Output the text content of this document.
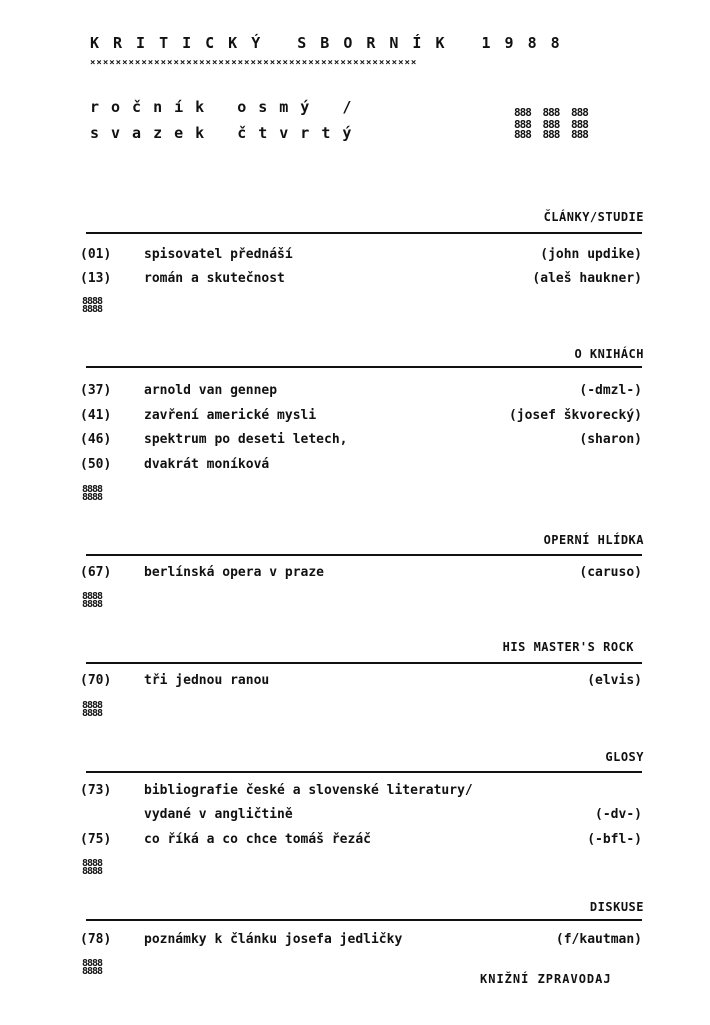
KRITICKÝ SBORNÍK 1988
×××××××××××××××××××××××××××××××××××××××××××××××××××
ročník osmý /
svazek čtvrtý
888 888 888
888 888 888
888 888 888
ČLÁNKY/STUDIE
(01)	spisovatel přednáší	(john updike)
(13)	román a skutečnost	(aleš haukner)
8888
8888
O KNIHÁCH
(37)	arnold van gennep	(-dmzl-)
(41)	zavření americké mysli	(josef škvorecký)
(46)	spektrum po deseti letech,	(sharon)
(50)	dvakrát moníková
8888
8888
OPERNÍ HLÍDKA
(67)	berlínská opera v praze	(caruso)
8888
8888
HIS MASTER'S ROCK
(70)	tři jednou ranou	(elvis)
8888
8888
GLOSY
(73)	bibliografie české a slovenské literatury/
vydané v angličtině	(-dv-)
(75)	co říká a co chce tomáš řezáč	(-bfl-)
8888
8888
DISKUSE
(78)	poznámky k článku josefa jedličky	(f/kautman)
8888
8888
KNIŽNÍ ZPRAVODAJ
